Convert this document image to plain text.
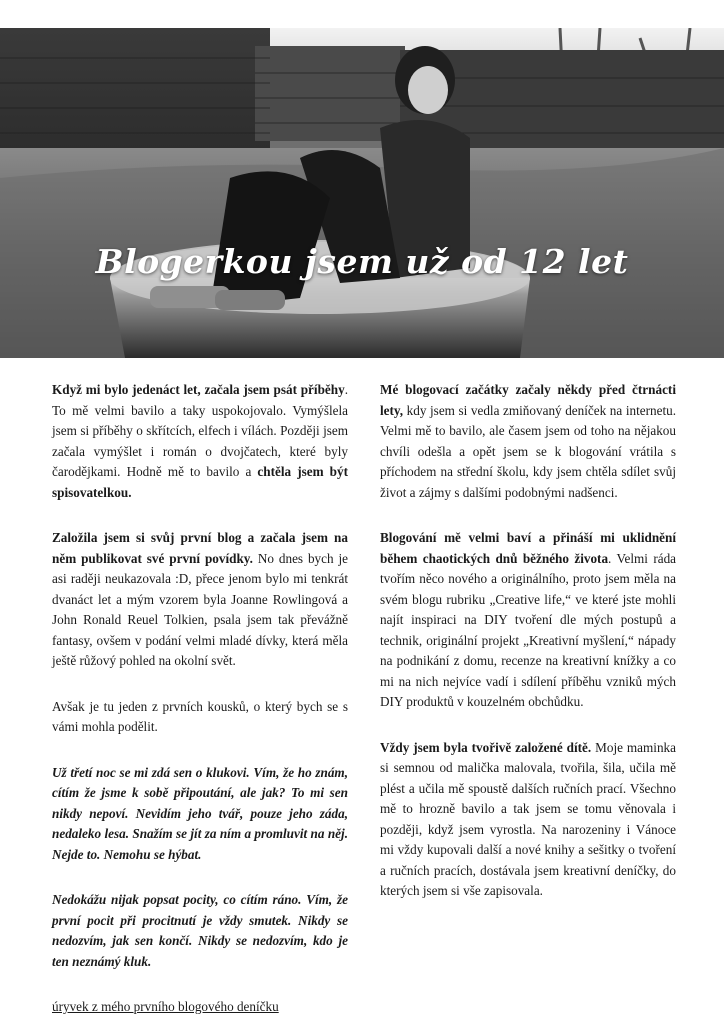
Blogerkou jsem už od 12 let

Když mi bylo jedenáct let, začala jsem psát příběhy. To mě velmi bavilo a taky uspokojovalo. Vymýšlela jsem si příběhy o skřítcích, elfech i vílách. Později jsem začala vymýšlet i román o dvojčatech, které byly čarodějkami. Hodně mě to bavilo a chtěla jsem být spisovatelkou.

Založila jsem si svůj první blog a začala jsem na něm publikovat své první povídky. No dnes bych je asi raději neukazovala :D, přece jenom bylo mi tenkrát dvanáct let a mým vzorem byla Joanne Rowlingová a John Ronald Reuel Tolkien, psala jsem tak převážně fantasy, ovšem v podání velmi mladé dívky, která měla ještě růžový pohled na okolní svět.

Avšak je tu jeden z prvních kousků, o který bych se s vámi mohla podělit.

Už třetí noc se mi zdá sen o klukovi. Vím, že ho znám, cítím že jsme k sobě připoutání, ale jak? To mi sen nikdy nepoví. Nevidím jeho tvář, pouze jeho záda, nedaleko lesa. Snažím se jít za ním a promluvit na něj. Nejde to. Nemohu se hýbat.

Nedokážu nijak popsat pocity, co cítím ráno. Vím, že první pocit při procitnutí je vždy smutek. Nikdy se nedozvím, jak sen končí. Nikdy se nedozvím, kdo je ten neznámý kluk.

úryvek z mého prvního blogového deníčku

Mé blogovací začátky začaly někdy před čtrnácti lety, kdy jsem si vedla zmiňovaný deníček na internetu. Velmi mě to bavilo, ale časem jsem od toho na nějakou chvíli odešla a opět jsem se k blogování vrátila s příchodem na střední školu, kdy jsem chtěla sdílet svůj život a zájmy s dalšími podobnými nadšenci.

Blogování mě velmi baví a přináší mi uklidnění během chaotických dnů běžného života. Velmi ráda tvořím něco nového a originálního, proto jsem měla na svém blogu rubriku „Creative life,“ ve které jste mohli najít inspiraci na DIY tvoření dle mých postupů a technik, originální projekt „Kreativní myšlení,“ nápady na podnikání z domu, recenze na kreativní knížky a co mi na nich nejvíce vadí i sdílení příběhu vzniků mých DIY produktů v kouzelném obchůdku.

Vždy jsem byla tvořivě založené dítě. Moje maminka si semnou od malička malovala, tvořila, šila, učila mě plést a učila mě spoustě dalších ručních prací. Všechno mě to hrozně bavilo a tak jsem se tomu věnovala i později, když jsem vyrostla. Na narozeniny i Vánoce mi vždy kupovali další a nové knihy a sešitky o tvoření a ručních pracích, dostávala jsem kreativní deníčky, do kterých jsem si vše zapisovala.
